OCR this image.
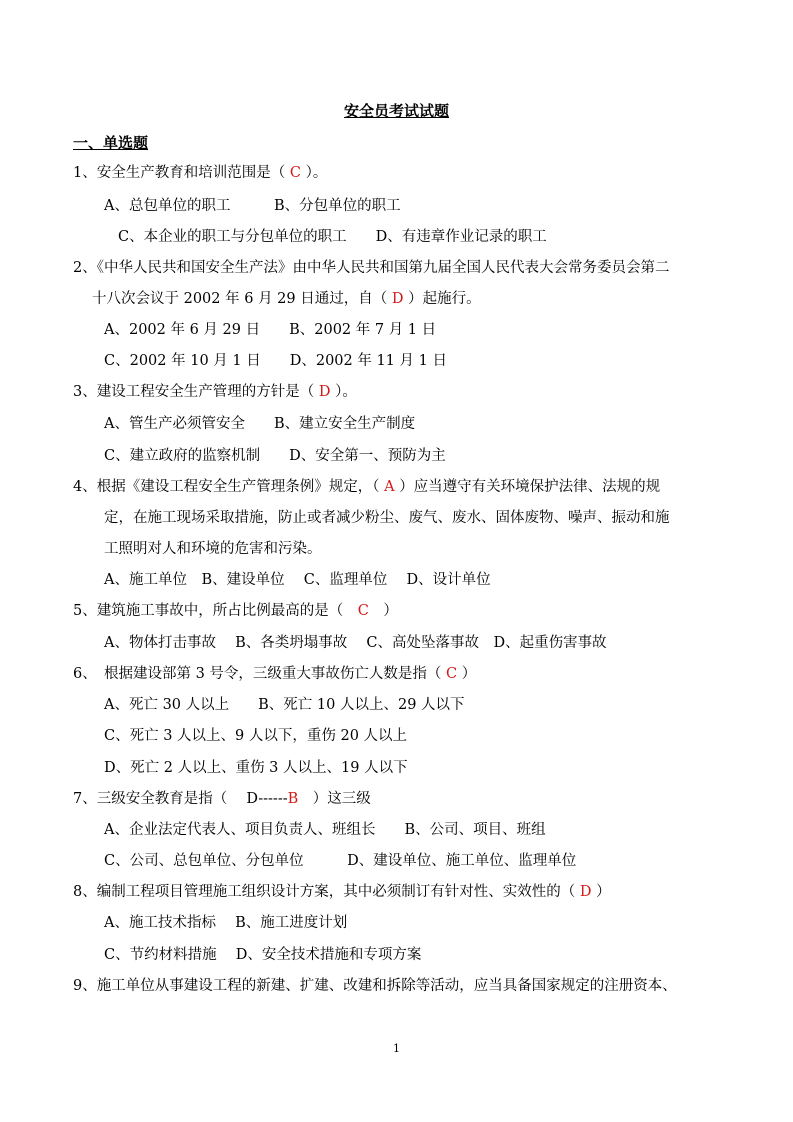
安全员考试试题
一、单选题
1、安全生产教育和培训范围是（ C ）。
A、总包单位的职工　　　B、分包单位的职工
C、本企业的职工与分包单位的职工　　D、有违章作业记录的职工
2、《中华人民共和国安全生产法》由中华人民共和国第九届全国人民代表大会常务委员会第二
十八次会议于 2002 年 6 月 29 日通过，自（ D ）起施行。
A、2002 年 6 月 29 日　　B、2002 年 7 月 1 日
C、2002 年 10 月 1 日　　D、2002 年 11 月 1 日
3、建设工程安全生产管理的方针是（ D ）。
A、管生产必须管安全　　B、建立安全生产制度
C、建立政府的监察机制　　D、安全第一、预防为主
4、根据《建设工程安全生产管理条例》规定，（ A ）应当遵守有关环境保护法律、法规的规
定，在施工现场采取措施，防止或者减少粉尘、废气、废水、固体废物、噪声、振动和施
工照明对人和环境的危害和污染。
A、施工单位　B、建设单位　 C、监理单位　 D、设计单位
5、建筑施工事故中，所占比例最高的是（　C　）
A、物体打击事故　 B、各类坍塌事故　 C、高处坠落事故　D、起重伤害事故
6、　根据建设部第 3 号令，三级重大事故伤亡人数是指（ C ）
A、死亡 30 人以上　　B、死亡 10 人以上、29 人以下
C、死亡 3 人以上、9 人以下，重伤 20 人以上
D、死亡 2 人以上、重伤 3 人以上、19 人以下
7、三级安全教育是指（　 D------B　）这三级
A、企业法定代表人、项目负责人、班组长　　B、公司、项目、班组
C、公司、总包单位、分包单位　　　D、建设单位、施工单位、监理单位
8、编制工程项目管理施工组织设计方案，其中必须制订有针对性、实效性的（ D ）
A、施工技术指标　 B、施工进度计划
C、节约材料措施　 D、安全技术措施和专项方案
9、施工单位从事建设工程的新建、扩建、改建和拆除等活动，应当具备国家规定的注册资本、
1
